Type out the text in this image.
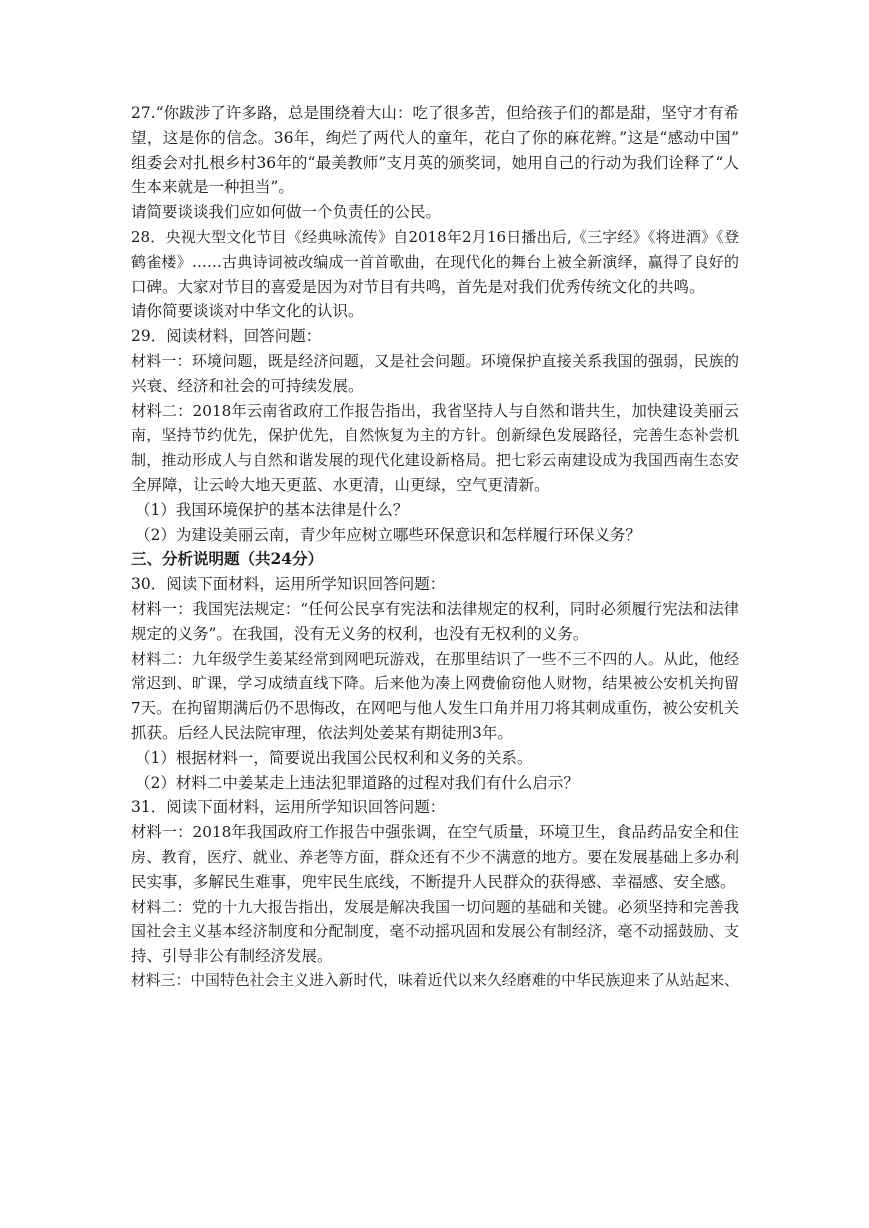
27.“你跋涉了许多路，总是围绕着大山：吃了很多苦，但给孩子们的都是甜，坚守才有希
望，这是你的信念。36年，绚烂了两代人的童年，花白了你的麻花辫。”这是“感动中国”
组委会对扎根乡村36年的“最美教师”支月英的颁奖词，她用自己的行动为我们诠释了“人
生本来就是一种担当”。
请简要谈谈我们应如何做一个负责任的公民。
28．央视大型文化节目《经典咏流传》自2018年2月16日播出后,《三字经》《将进酒》《登
鹤雀楼》……古典诗词被改编成一首首歌曲，在现代化的舞台上被全新演绎，赢得了良好的
口碑。大家对节目的喜爱是因为对节目有共鸣，首先是对我们优秀传统文化的共鸣。
请你简要谈谈对中华文化的认识。
29．阅读材料，回答问题：
材料一：环境问题，既是经济问题，又是社会问题。环境保护直接关系我国的强弱，民族的
兴衰、经济和社会的可持续发展。
材料二：2018年云南省政府工作报告指出，我省坚持人与自然和谐共生，加快建设美丽云
南，坚持节约优先，保护优先，自然恢复为主的方针。创新绿色发展路径，完善生态补尝机
制，推动形成人与自然和谐发展的现代化建设新格局。把七彩云南建设成为我国西南生态安
全屏障，让云岭大地天更蓝、水更清，山更绿，空气更清新。
（1）我国环境保护的基本法律是什么？
（2）为建设美丽云南，青少年应树立哪些环保意识和怎样履行环保义务？
三、分析说明题（共24分）
30．阅读下面材料，运用所学知识回答问题：
材料一：我国宪法规定：“任何公民享有宪法和法律规定的权利，同时必须履行宪法和法律
规定的义务”。在我国，没有无义务的权利，也没有无权利的义务。
材料二：九年级学生姜某经常到网吧玩游戏，在那里结识了一些不三不四的人。从此，他经
常迟到、旷课，学习成绩直线下降。后来他为凑上网费偷窃他人财物，结果被公安机关拘留
7天。在拘留期满后仍不思悔改，在网吧与他人发生口角并用刀将其刺成重伤，被公安机关
抓获。后经人民法院审理，依法判处姜某有期徒刑3年。
（1）根据材料一，简要说出我国公民权利和义务的关系。
（2）材料二中姜某走上违法犯罪道路的过程对我们有什么启示？
31．阅读下面材料，运用所学知识回答问题：
材料一：2018年我国政府工作报告中强张调，在空气质量，环境卫生，食品药品安全和住
房、教育，医疗、就业、养老等方面，群众还有不少不满意的地方。要在发展基础上多办利
民实事，多解民生难事，兜牢民生底线，不断提升人民群众的获得感、幸福感、安全感。
材料二：党的十九大报告指出，发展是解决我国一切问题的基础和关键。必须坚持和完善我
国社会主义基本经济制度和分配制度，毫不动摇巩固和发展公有制经济，毫不动摇鼓励、支
持、引导非公有制经济发展。
材料三：中国特色社会主义进入新时代，味着近代以来久经磨难的中华民族迎来了从站起来、
